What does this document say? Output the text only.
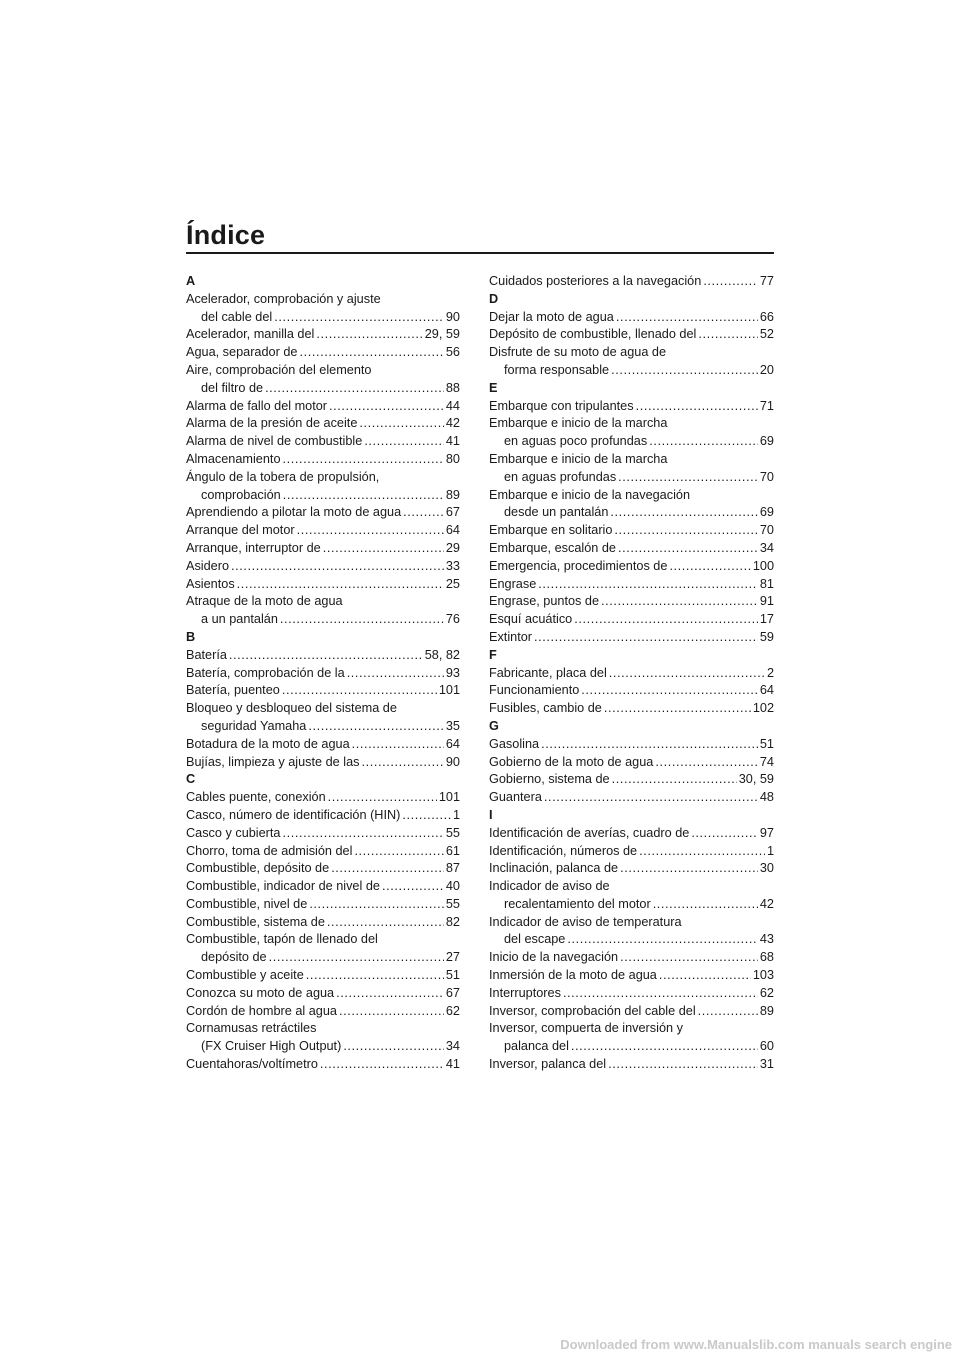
Índice
A
Acelerador, comprobación y ajuste
del cable del .....	90
Acelerador, manilla del .....	29, 59
Agua, separador de .....	56
Aire, comprobación del elemento
del filtro de .....	88
Alarma de fallo del motor .....	44
Alarma de la presión de aceite .....	42
Alarma de nivel de combustible .....	41
Almacenamiento .....	80
Ángulo de la tobera de propulsión,
comprobación .....	89
Aprendiendo a pilotar la moto de agua .....	67
Arranque del motor .....	64
Arranque, interruptor de .....	29
Asidero .....	33
Asientos .....	25
Atraque de la moto de agua
a un pantalán .....	76
B
Batería .....	58, 82
Batería, comprobación de la .....	93
Batería, puenteo .....	101
Bloqueo y desbloqueo del sistema de
seguridad Yamaha .....	35
Botadura de la moto de agua .....	64
Bujías, limpieza y ajuste de las .....	90
C
Cables puente, conexión .....	101
Casco, número de identificación (HIN) .....	1
Casco y cubierta .....	55
Chorro, toma de admisión del .....	61
Combustible, depósito de .....	87
Combustible, indicador de nivel de .....	40
Combustible, nivel de .....	55
Combustible, sistema de .....	82
Combustible, tapón de llenado del
depósito de .....	27
Combustible y aceite .....	51
Conozca su moto de agua .....	67
Cordón de hombre al agua .....	62
Cornamusas retráctiles
(FX Cruiser High Output) .....	34
Cuentahoras/voltímetro .....	41
Cuidados posteriores a la navegación .....	77
D
Dejar la moto de agua .....	66
Depósito de combustible, llenado del .....	52
Disfrute de su moto de agua de
forma responsable .....	20
E
Embarque con tripulantes .....	71
Embarque e inicio de la marcha
en aguas poco profundas .....	69
Embarque e inicio de la marcha
en aguas profundas .....	70
Embarque e inicio de la navegación
desde un pantalán .....	69
Embarque en solitario .....	70
Embarque, escalón de .....	34
Emergencia, procedimientos de .....	100
Engrase .....	81
Engrase, puntos de .....	91
Esquí acuático .....	17
Extintor .....	59
F
Fabricante, placa del .....	2
Funcionamiento .....	64
Fusibles, cambio de .....	102
G
Gasolina .....	51
Gobierno de la moto de agua .....	74
Gobierno, sistema de .....	30, 59
Guantera .....	48
I
Identificación de averías, cuadro de .....	97
Identificación, números de .....	1
Inclinación, palanca de .....	30
Indicador de aviso de
recalentamiento del motor .....	42
Indicador de aviso de temperatura
del escape .....	43
Inicio de la navegación .....	68
Inmersión de la moto de agua .....	103
Interruptores .....	62
Inversor, comprobación del cable del .....	89
Inversor, compuerta de inversión y
palanca del .....	60
Inversor, palanca del .....	31
Downloaded from www.Manualslib.com manuals search engine
